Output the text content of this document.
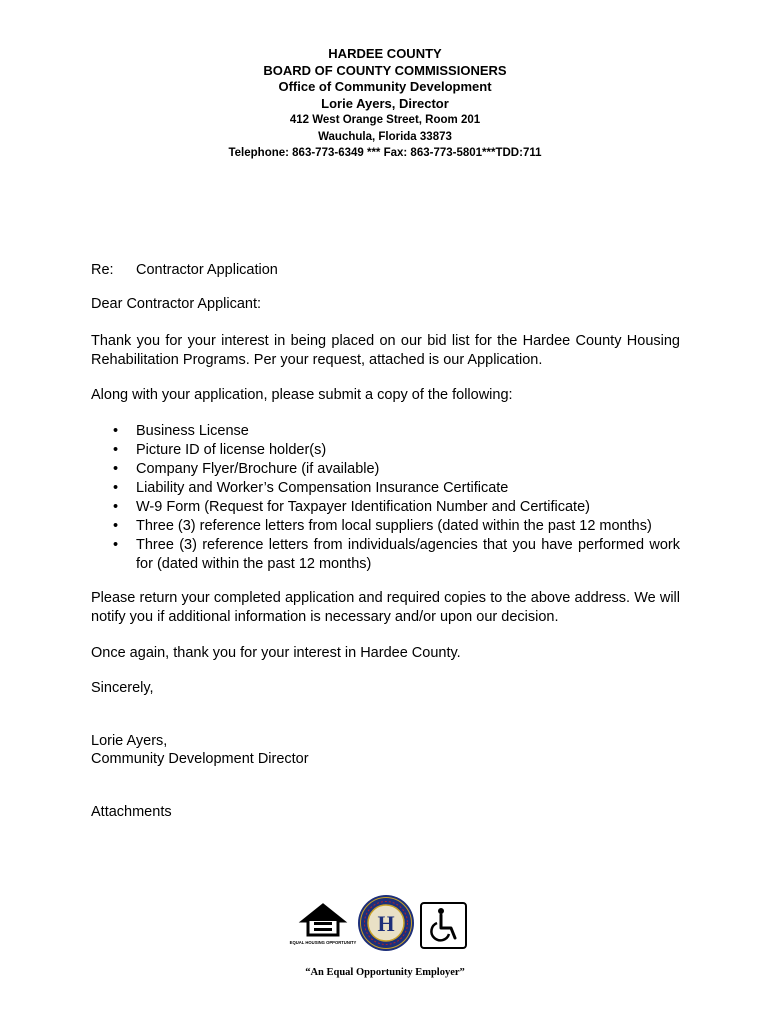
HARDEE COUNTY
BOARD OF COUNTY COMMISSIONERS
Office of Community Development
Lorie Ayers, Director
412 West Orange Street, Room 201
Wauchula, Florida 33873
Telephone: 863-773-6349 *** Fax: 863-773-5801***TDD:711
Re: Contractor Application
Dear Contractor Applicant:
Thank you for your interest in being placed on our bid list for the Hardee County Housing Rehabilitation Programs. Per your request, attached is our Application.
Along with your application, please submit a copy of the following:
• Business License
• Picture ID of license holder(s)
• Company Flyer/Brochure (if available)
• Liability and Worker’s Compensation Insurance Certificate
• W-9 Form (Request for Taxpayer Identification Number and Certificate)
• Three (3) reference letters from local suppliers (dated within the past 12 months)
• Three (3) reference letters from individuals/agencies that you have performed work for (dated within the past 12 months)
Please return your completed application and required copies to the above address. We will notify you if additional information is necessary and/or upon our decision.
Once again, thank you for your interest in Hardee County.
Sincerely,
Lorie Ayers,
Community Development Director
Attachments
EQUAL HOUSING OPPORTUNITY
H
“An Equal Opportunity Employer”
